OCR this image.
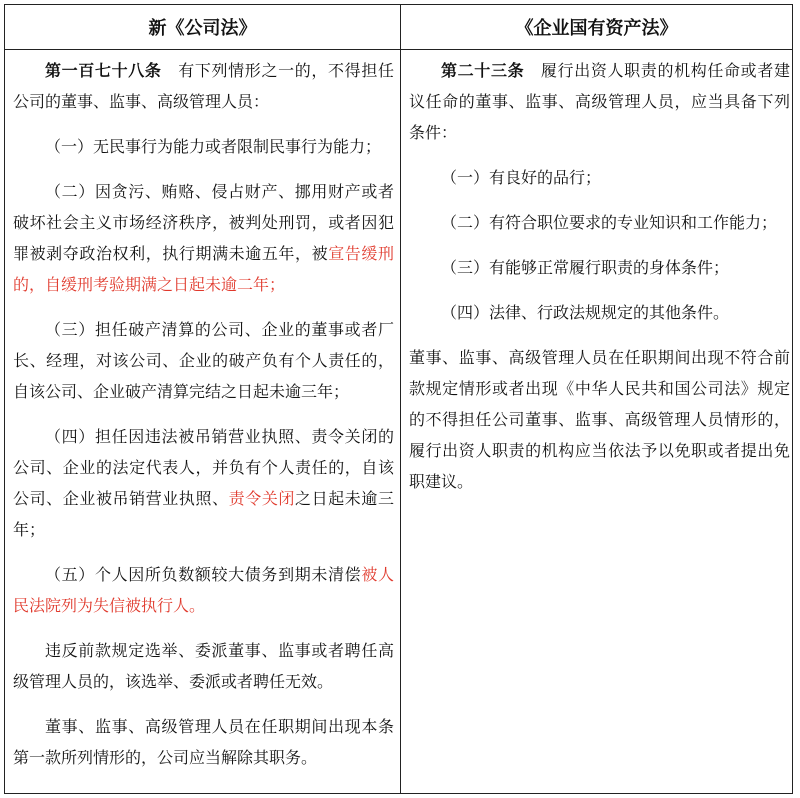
新《公司法》	《企业国有资产法》

第一百七十八条　有下列情形之一的，不得担任公司的董事、监事、高级管理人员：

（一）无民事行为能力或者限制民事行为能力；

（二）因贪污、贿赂、侵占财产、挪用财产或者破坏社会主义市场经济秩序，被判处刑罚，或者因犯罪被剥夺政治权利，执行期满未逾五年，被宣告缓刑的，自缓刑考验期满之日起未逾二年；

（三）担任破产清算的公司、企业的董事或者厂长、经理，对该公司、企业的破产负有个人责任的，自该公司、企业破产清算完结之日起未逾三年；

（四）担任因违法被吊销营业执照、责令关闭的公司、企业的法定代表人，并负有个人责任的，自该公司、企业被吊销营业执照、责令关闭之日起未逾三年；

（五）个人因所负数额较大债务到期未清偿被人民法院列为失信被执行人。

违反前款规定选举、委派董事、监事或者聘任高级管理人员的，该选举、委派或者聘任无效。

董事、监事、高级管理人员在任职期间出现本条第一款所列情形的，公司应当解除其职务。

第二十三条　履行出资人职责的机构任命或者建议任命的董事、监事、高级管理人员，应当具备下列条件：

（一）有良好的品行；

（二）有符合职位要求的专业知识和工作能力；

（三）有能够正常履行职责的身体条件；

（四）法律、行政法规规定的其他条件。

董事、监事、高级管理人员在任职期间出现不符合前款规定情形或者出现《中华人民共和国公司法》规定的不得担任公司董事、监事、高级管理人员情形的，履行出资人职责的机构应当依法予以免职或者提出免职建议。
